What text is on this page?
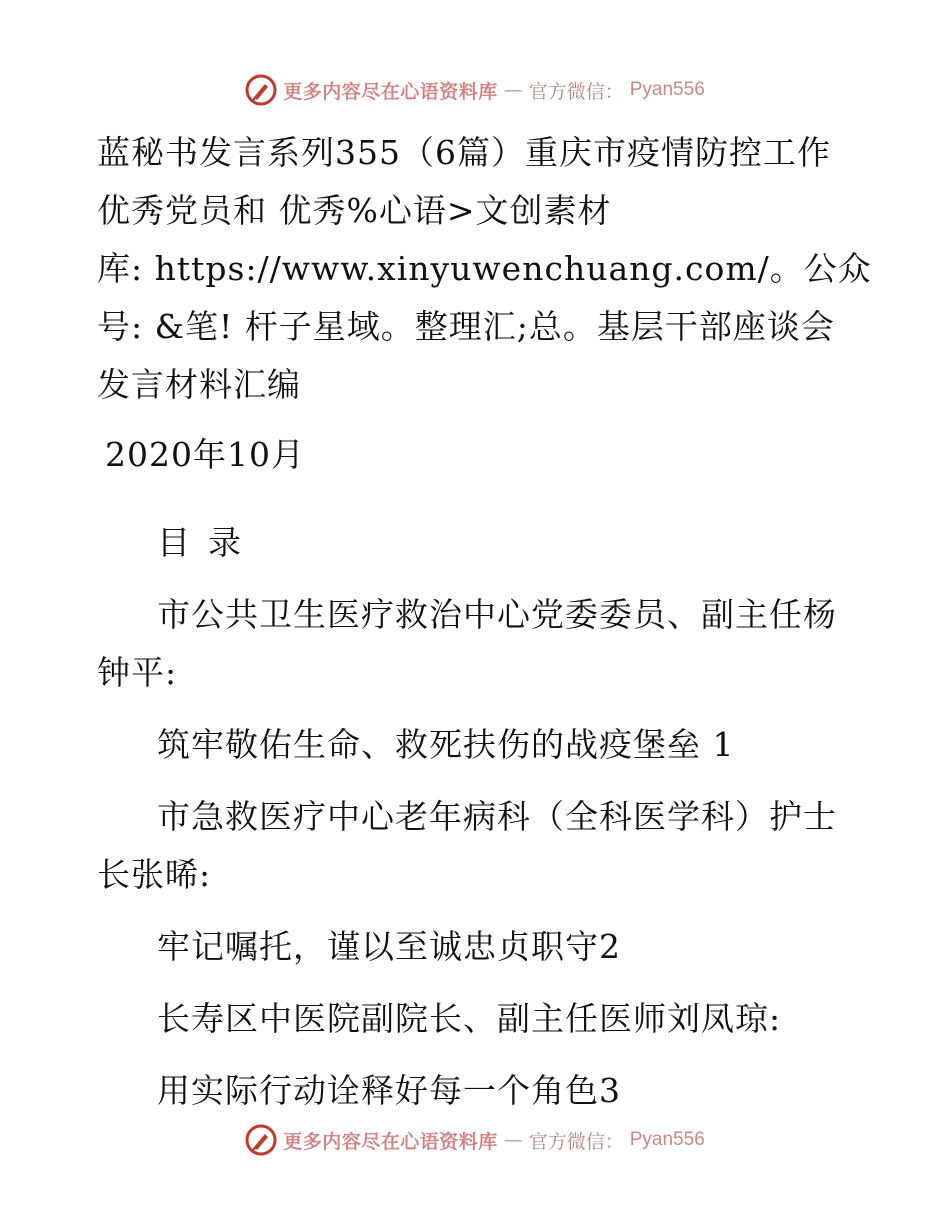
更多内容尽在心语资料库 — 官方微信： Pyan556
蓝秘书发言系列355（6篇）重庆市疫情防控工作
优秀党员和 优秀%心语>文创素材
库: https://www.xinyuwenchuang.com/。公众
号: &笔! 杆子星域。整理汇;总。基层干部座谈会
发言材料汇编
2020年10月
目录
市公共卫生医疗救治中心党委委员、副主任杨
钟平:
筑牢敬佑生命、救死扶伤的战疫堡垒 1
市急救医疗中心老年病科（全科医学科）护士
长张晞:
牢记嘱托，谨以至诚忠贞职守2
长寿区中医院副院长、副主任医师刘凤琼:
用实际行动诠释好每一个角色3
更多内容尽在心语资料库 — 官方微信： Pyan556
